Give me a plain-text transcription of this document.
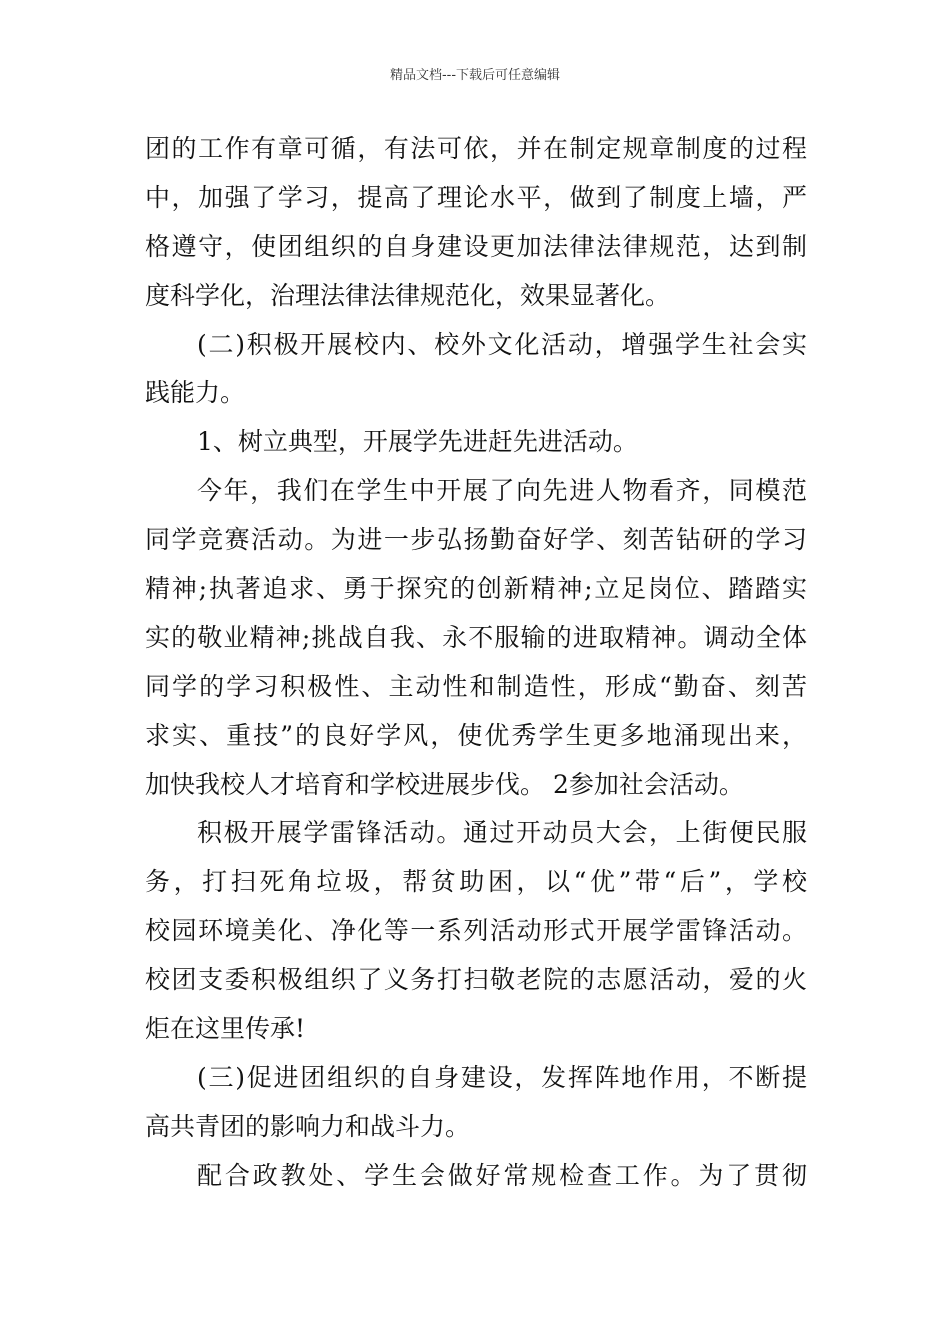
精品文档---下载后可任意编辑
团的工作有章可循，有法可依，并在制定规章制度的过程
中，加强了学习，提高了理论水平，做到了制度上墙，严
格遵守，使团组织的自身建设更加法律法律规范，达到制
度科学化，治理法律法律规范化，效果显著化。
(二)积极开展校内、校外文化活动，增强学生社会实
践能力。
1、树立典型，开展学先进赶先进活动。
今年，我们在学生中开展了向先进人物看齐，同模范
同学竞赛活动。为进一步弘扬勤奋好学、刻苦钻研的学习
精神;执著追求、勇于探究的创新精神;立足岗位、踏踏实
实的敬业精神;挑战自我、永不服输的进取精神。调动全体
同学的学习积极性、主动性和制造性，形成“勤奋、刻苦
求实、重技”的良好学风，使优秀学生更多地涌现出来，
加快我校人才培育和学校进展步伐。 2参加社会活动。
积极开展学雷锋活动。通过开动员大会，上街便民服
务，打扫死角垃圾，帮贫助困，以“优”带“后”，学校
校园环境美化、净化等一系列活动形式开展学雷锋活动。
校团支委积极组织了义务打扫敬老院的志愿活动，爱的火
炬在这里传承!
(三)促进团组织的自身建设，发挥阵地作用，不断提
高共青团的影响力和战斗力。
配合政教处、学生会做好常规检查工作。为了贯彻
